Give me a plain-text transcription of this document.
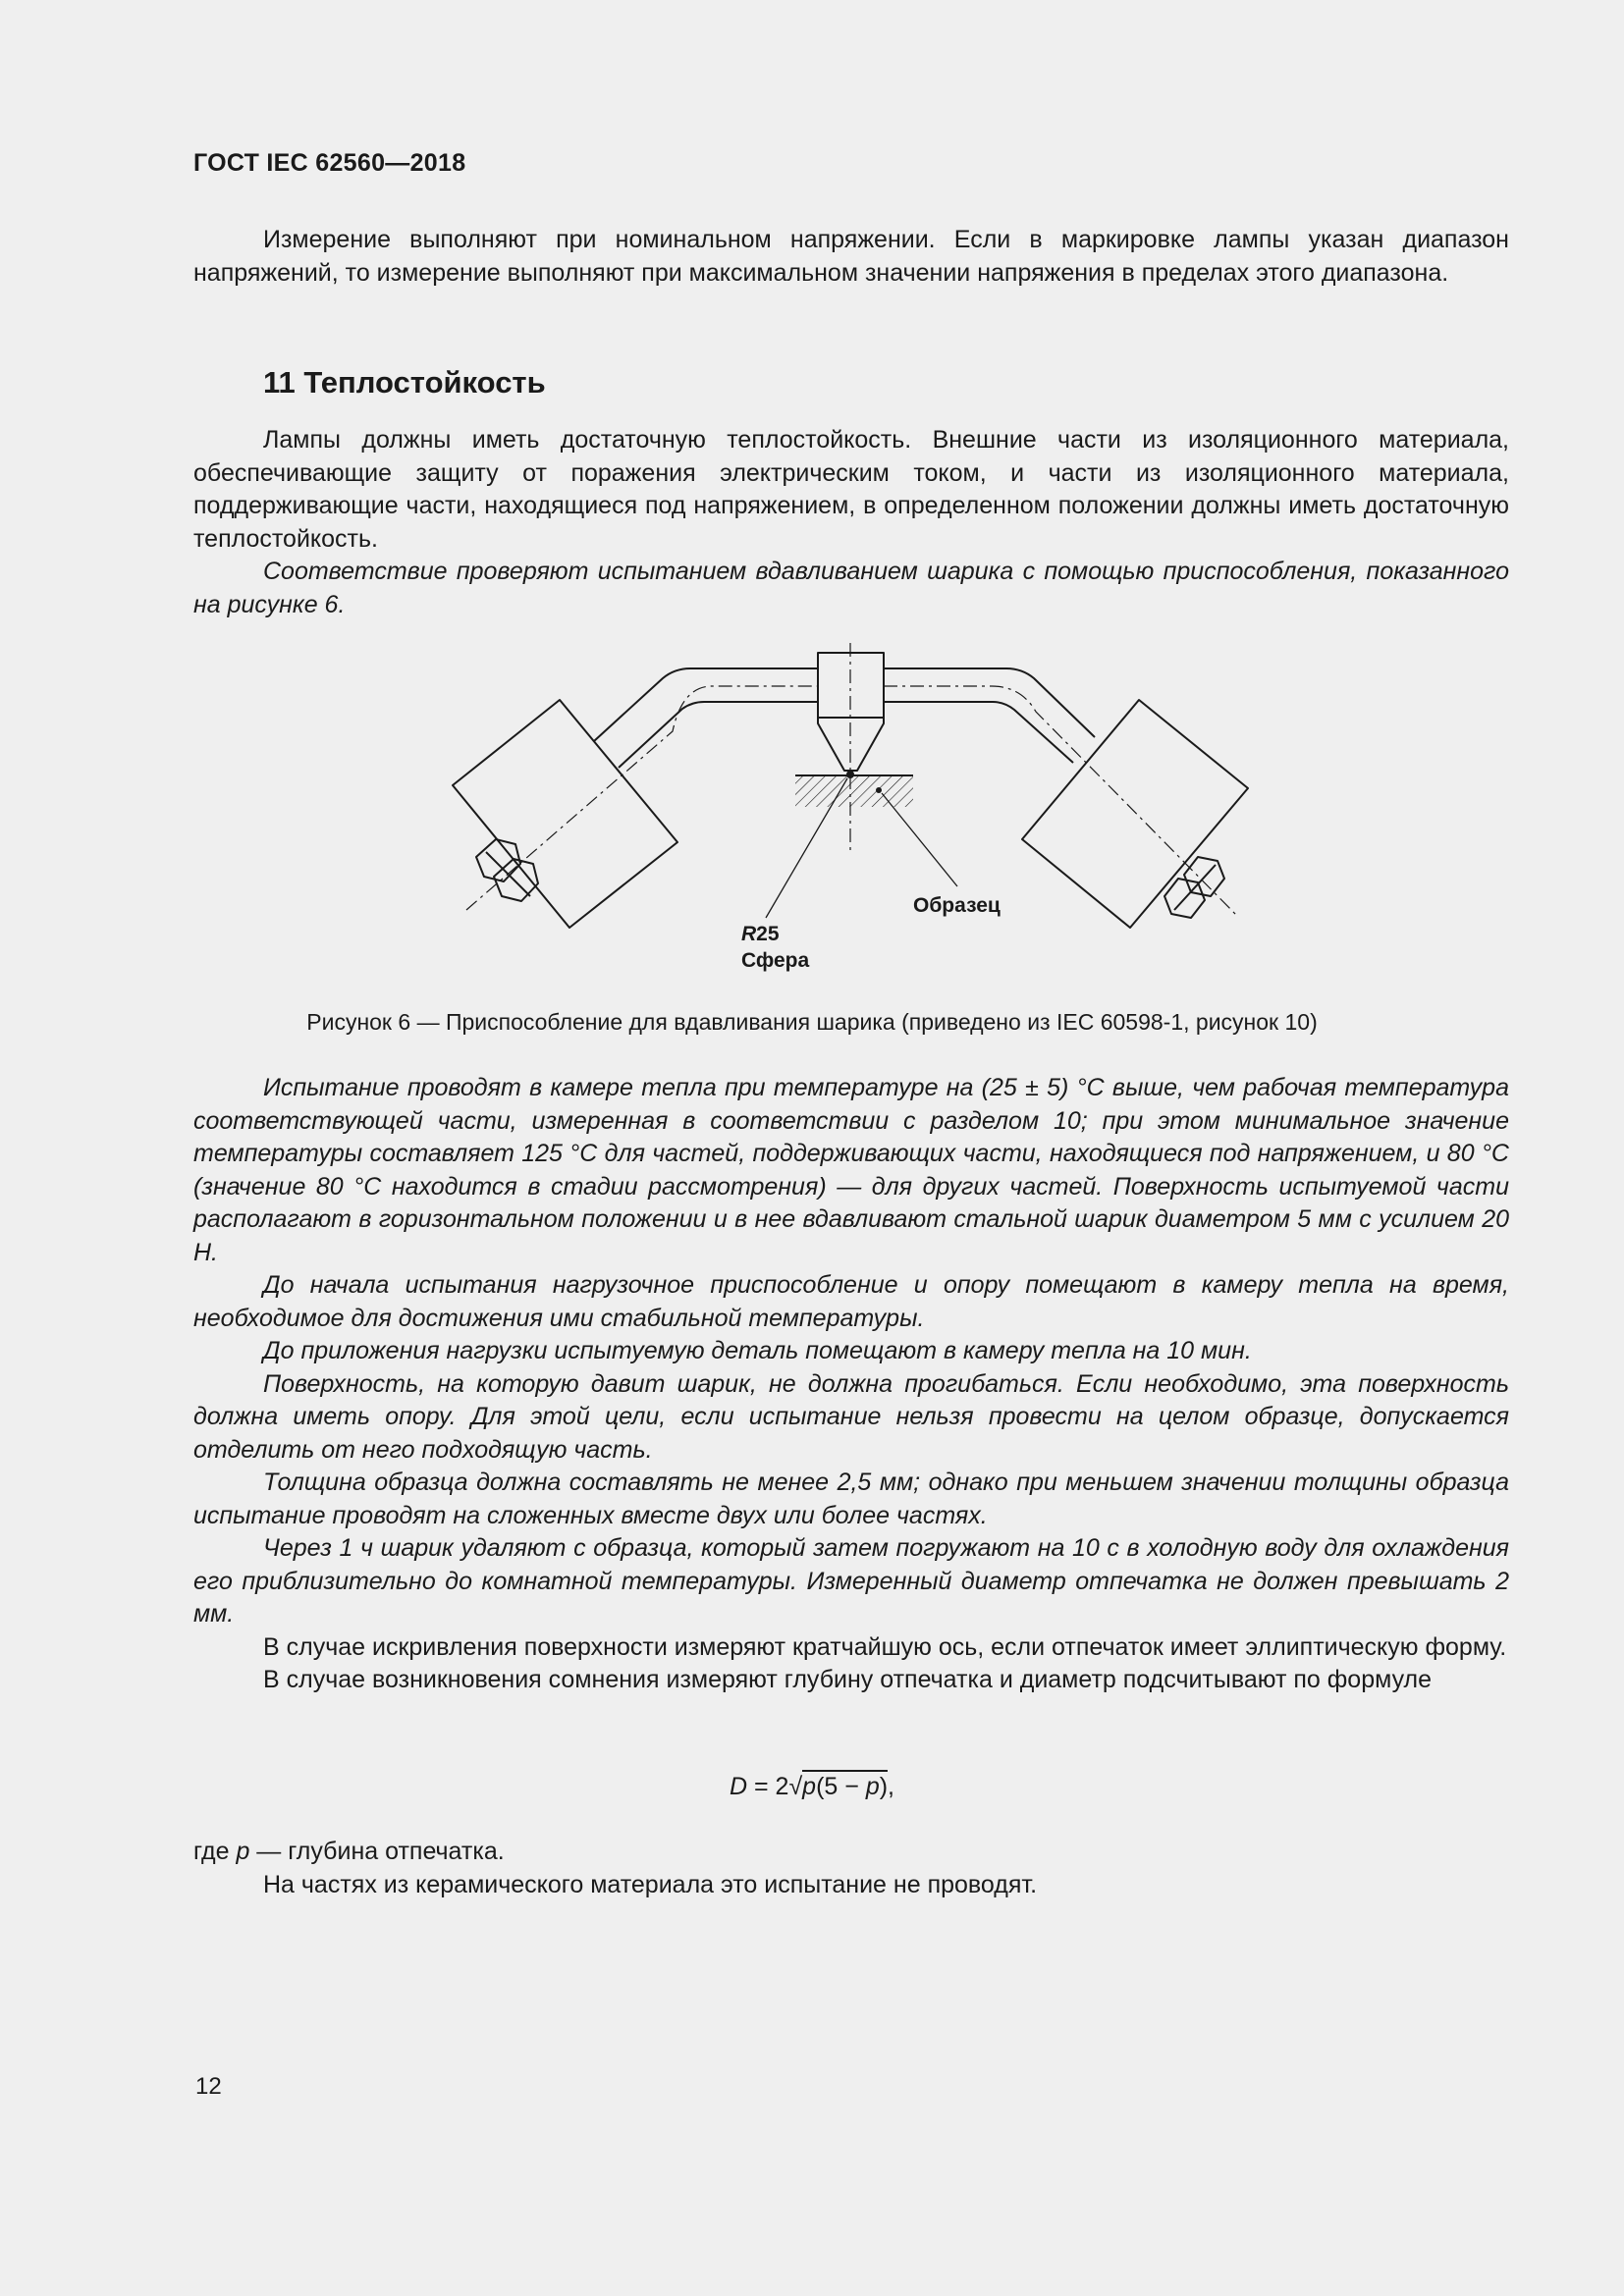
ГОСТ IEC 62560—2018

Измерение выполняют при номинальном напряжении. Если в маркировке лампы указан диапазон напряжений, то измерение выполняют при максимальном значении напряжения в пределах этого диапазона.

11 Теплостойкость

Лампы должны иметь достаточную теплостойкость. Внешние части из изоляционного материала, обеспечивающие защиту от поражения электрическим током, и части из изоляционного материала, поддерживающие части, находящиеся под напряжением, в определенном положении должны иметь достаточную теплостойкость.

Соответствие проверяют испытанием вдавливанием шарика с помощью приспособления, показанного на рисунке 6.

Образец
R25
Сфера
Рисунок 6 — Приспособление для вдавливания шарика (приведено из IEC 60598-1, рисунок 10)

Испытание проводят в камере тепла при температуре на (25 ± 5) °С выше, чем рабочая температура соответствующей части, измеренная в соответствии с разделом 10; при этом минимальное значение температуры составляет 125 °С для частей, поддерживающих части, находящиеся под напряжением, и 80 °С (значение 80 °С находится в стадии рассмотрения) — для других частей. Поверхность испытуемой части располагают в горизонтальном положении и в нее вдавливают стальной шарик диаметром 5 мм с усилием 20 Н.

До начала испытания нагрузочное приспособление и опору помещают в камеру тепла на время, необходимое для достижения ими стабильной температуры.

До приложения нагрузки испытуемую деталь помещают в камеру тепла на 10 мин.

Поверхность, на которую давит шарик, не должна прогибаться. Если необходимо, эта поверхность должна иметь опору. Для этой цели, если испытание нельзя провести на целом образце, допускается отделить от него подходящую часть.

Толщина образца должна составлять не менее 2,5 мм; однако при меньшем значении толщины образца испытание проводят на сложенных вместе двух или более частях.

Через 1 ч шарик удаляют с образца, который затем погружают на 10 с в холодную воду для охлаждения его приблизительно до комнатной температуры. Измеренный диаметр отпечатка не должен превышать 2 мм.

В случае искривления поверхности измеряют кратчайшую ось, если отпечаток имеет эллиптическую форму.

В случае возникновения сомнения измеряют глубину отпечатка и диаметр подсчитывают по формуле

D = 2√p(5 − p),

где p — глубина отпечатка.

На частях из керамического материала это испытание не проводят.

12
